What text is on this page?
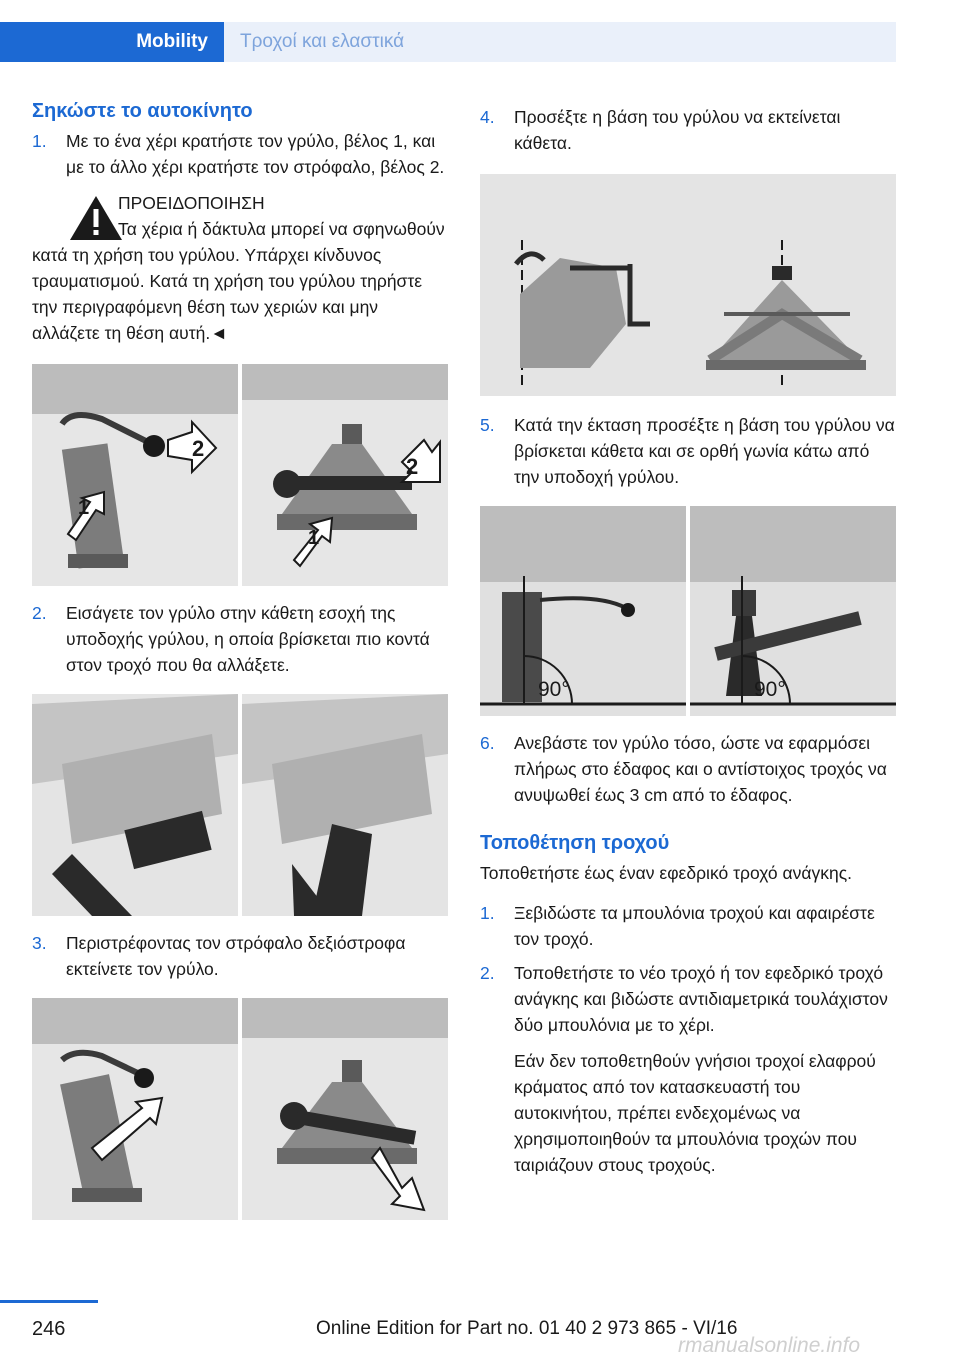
Mobility	Τροχοί και ελαστικά
Σηκώστε το αυτοκίνητο
1. Με το ένα χέρι κρατήστε τον γρύλο, βέλος 1, και με το άλλο χέρι κρατήστε τον στρόφαλο, βέλος 2.

ΠΡΟΕΙΔΟΠΟΙΗΣΗ

Τα χέρια ή δάκτυλα μπορεί να σφηνωθούν κατά τη χρήση του γρύλου. Υπάρχει κίνδυνος τραυματισμού. Κατά τη χρήση του γρύλου τηρήστε την περιγραφόμενη θέση των χεριών και μην αλλάζετε τη θέση αυτή.◄

1
2
2
1
2. Εισάγετε τον γρύλο στην κάθετη εσοχή της υποδοχής γρύλου, η οποία βρίσκεται πιο κοντά στον τροχό που θα αλλάξετε.
3. Περιστρέφοντας τον στρόφαλο δεξιόστροφα εκτείνετε τον γρύλο.
4. Προσέξτε η βάση του γρύλου να εκτείνεται κάθετα.
5. Κατά την έκταση προσέξτε η βάση του γρύλου να βρίσκεται κάθετα και σε ορθή γωνία κάτω από την υποδοχή γρύλου.
90°	90°
6. Ανεβάστε τον γρύλο τόσο, ώστε να εφαρμόσει πλήρως στο έδαφος και ο αντίστοιχος τροχός να ανυψωθεί έως 3 cm από το έδαφος.
Τοποθέτηση τροχού

Τοποθετήστε έως έναν εφεδρικό τροχό ανάγκης.

1. Ξεβιδώστε τα μπουλόνια τροχού και αφαιρέστε τον τροχό.
2. Τοποθετήστε το νέο τροχό ή τον εφεδρικό τροχό ανάγκης και βιδώστε αντιδιαμετρικά τουλάχιστον δύο μπουλόνια με το χέρι.

Εάν δεν τοποθετηθούν γνήσιοι τροχοί ελαφρού κράματος από τον κατασκευαστή του αυτοκινήτου, πρέπει ενδεχομένως να χρησιμοποιηθούν τα μπουλόνια τροχών που ταιριάζουν στους τροχούς.

246	Online Edition for Part no. 01 40 2 973 865 - VI/16
rmanualsonline.info
